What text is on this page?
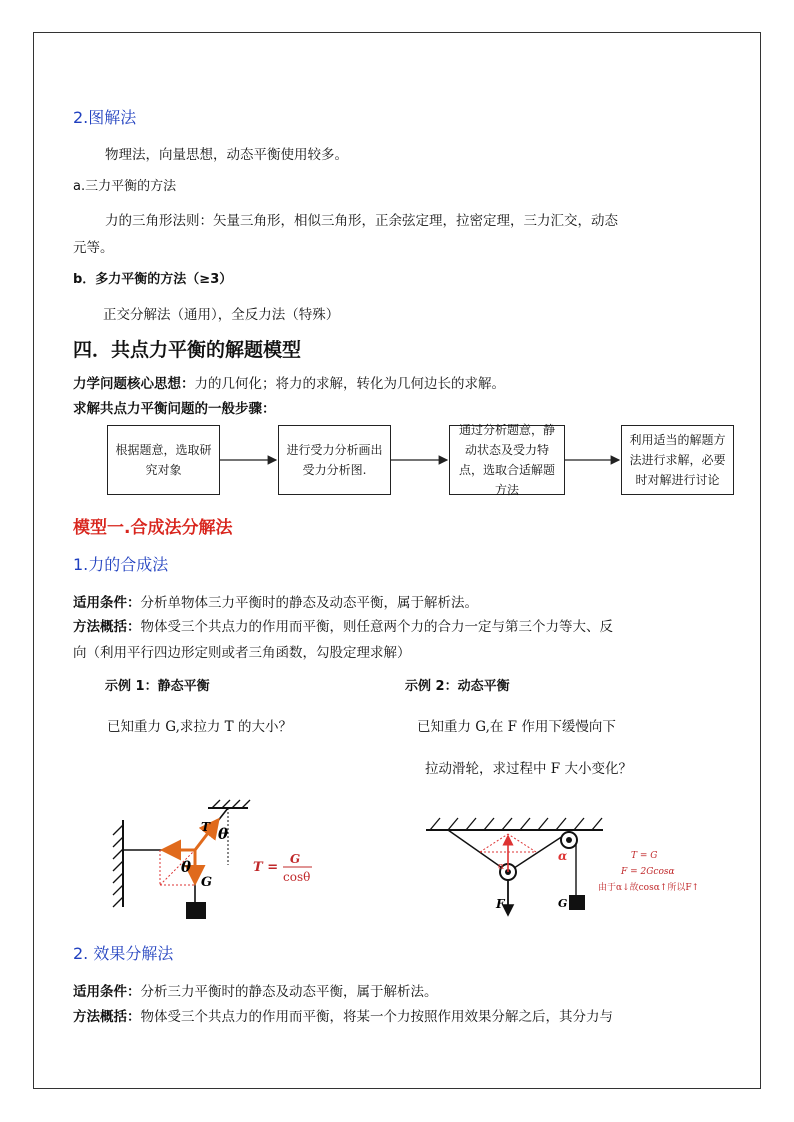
2.图解法
物理法，向量思想，动态平衡使用较多。
a.三力平衡的方法
力的三角形法则：矢量三角形，相似三角形，正余弦定理，拉密定理，三力汇交，动态
元等。
b．多力平衡的方法（≥3）
正交分解法（通用），全反力法（特殊）
四．共点力平衡的解题模型
力学问题核心思想：力的几何化；将力的求解，转化为几何边长的求解。
求解共点力平衡问题的一般步骤：
根据题意，选取研究对象
进行受力分析画出受力分析图.
通过分析题意，静动状态及受力特点，选取合适解题方法
利用适当的解题方法进行求解，必要时对解进行讨论
模型一.合成法分解法
1.力的合成法
适用条件：分析单物体三力平衡时的静态及动态平衡，属于解析法。
方法概括：物体受三个共点力的作用而平衡，则任意两个力的合力一定与第三个力等大、反
向（利用平行四边形定则或者三角函数，勾股定理求解）
示例 1：静态平衡	示例 2：动态平衡
已知重力 G,求拉力 T 的大小？	已知重力 G,在 F 作用下缓慢向下
拉动滑轮，求过程中 F 大小变化？
T θ
θ
G
T =
G
cosθ
F	G
α
α
T = G
F = 2Gcosα
由于α↓故cosα↑所以F↑
2. 效果分解法
适用条件：分析三力平衡时的静态及动态平衡，属于解析法。
方法概括：物体受三个共点力的作用而平衡，将某一个力按照作用效果分解之后，其分力与
